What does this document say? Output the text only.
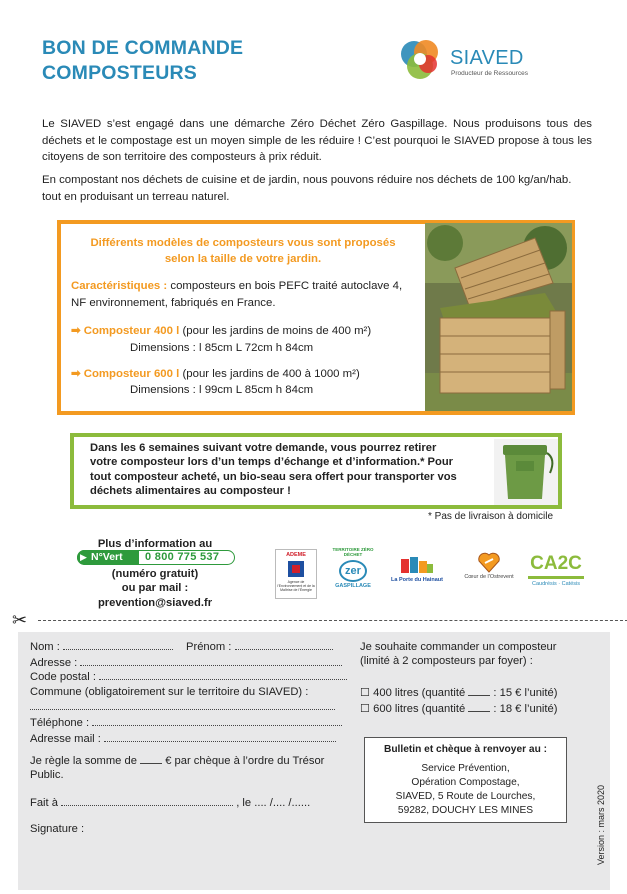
BON DE COMMANDE
COMPOSTEURS
SIAVED
Producteur de Ressources
Le SIAVED s’est engagé dans une démarche Zéro Déchet Zéro Gaspillage. Nous produisons tous des déchets et le compostage est un moyen simple de les réduire ! C’est pourquoi le SIAVED propose à tous les citoyens de son territoire des composteurs à prix réduit.
En compostant nos déchets de cuisine et de jardin, nous pouvons réduire nos déchets de 100 kg/an/hab.
tout en produisant un terreau naturel.
Différents modèles de composteurs vous sont proposés
selon la taille de votre jardin.
Caractéristiques : composteurs en bois PEFC traité autoclave 4,
NF environnement, fabriqués en France.
➡ Composteur 400 l (pour les jardins de moins de 400 m²)
Dimensions : l 85cm L 72cm h 84cm
➡ Composteur 600 l (pour les jardins de 400 à 1000 m²)
Dimensions : l 99cm L 85cm h 84cm
Dans les 6 semaines suivant votre demande, vous pourrez retirer
votre composteur lors d’un temps d’échange et d’information.* Pour
tout composteur acheté, un bio-seau sera offert pour transporter vos
déchets alimentaires au composteur !
* Pas de livraison à domicile
Plus d’information au
(numéro gratuit)
ou par mail :
prevention@siaved.fr
N°Vert
▶	0 800 775 537	ADEME
Agence de l'Environnement et de la Maîtrise de l'Énergie
TERRITOIRE ZÉRO DÉCHET
zer
GASPILLAGE
La Porte du Hainaut	Cœur de l'Ostrevent
CA2C
Caudrésis · Catésis
✂
Nom :	Prénom :
Adresse :
Code postal :
Commune (obligatoirement sur le territoire du SIAVED) :
Téléphone :
Adresse mail :
Je règle la somme de	€ par chèque à l’ordre du Trésor
Public.
Fait à	, le .... /.... /......
Signature :
Je souhaite commander un composteur
(limité à 2 composteurs par foyer) :
☐ 400 litres (quantité	: 15 € l’unité)
☐ 600 litres (quantité	: 18 € l’unité)
Bulletin et chèque à renvoyer au :
Service Prévention,
Opération Compostage,
SIAVED, 5 Route de Lourches,
59282, DOUCHY LES MINES	Version : mars 2020
